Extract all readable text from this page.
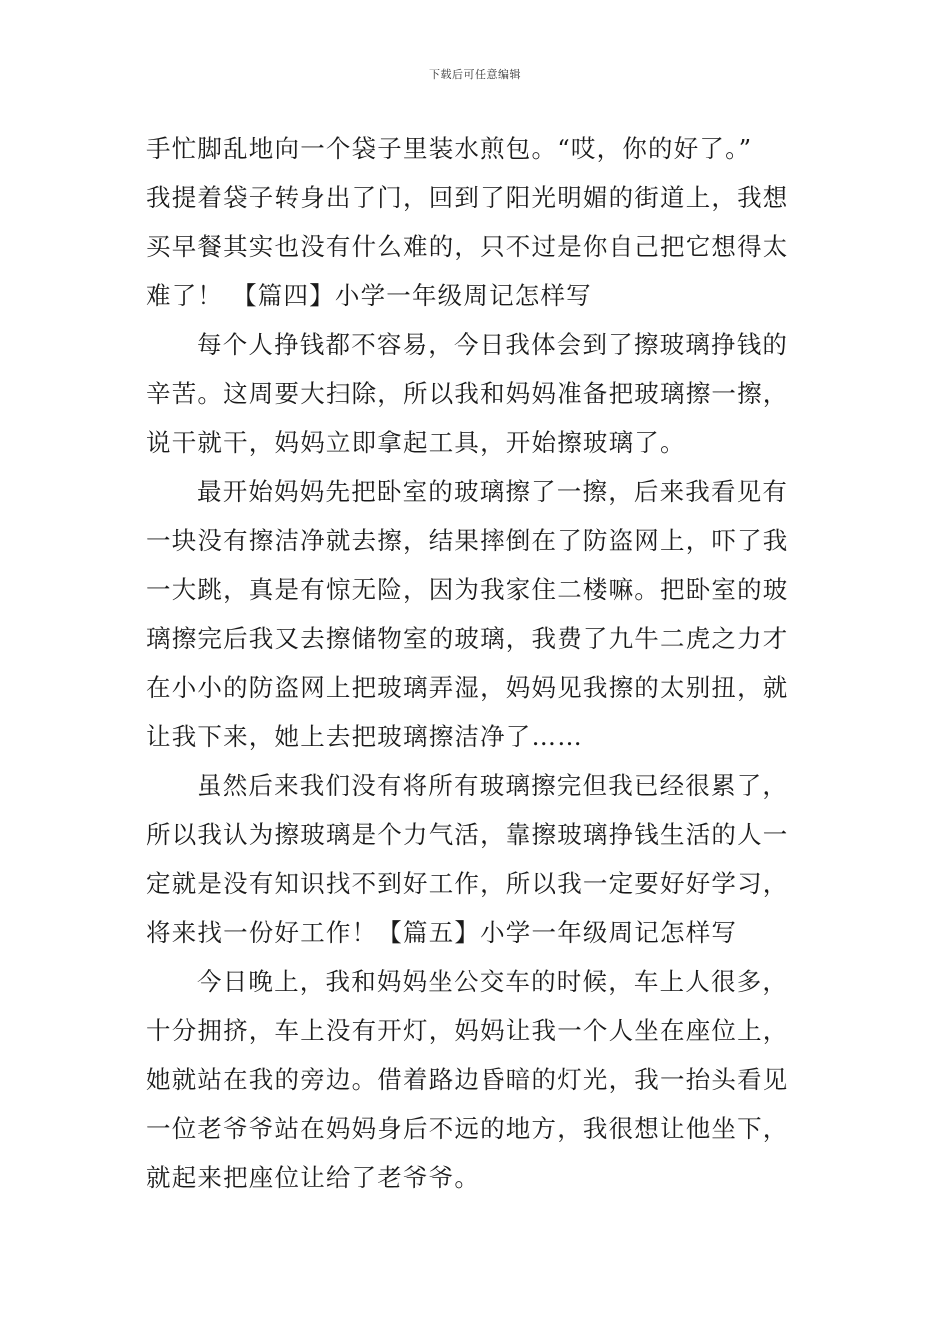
下载后可任意编辑
手忙脚乱地向一个袋子里装水煎包。“哎，你的好了。”
我提着袋子转身出了门，回到了阳光明媚的街道上，我想
买早餐其实也没有什么难的，只不过是你自己把它想得太
难了！ 【篇四】小学一年级周记怎样写
每个人挣钱都不容易，今日我体会到了擦玻璃挣钱的
辛苦。这周要大扫除，所以我和妈妈准备把玻璃擦一擦，
说干就干，妈妈立即拿起工具，开始擦玻璃了。
最开始妈妈先把卧室的玻璃擦了一擦，后来我看见有
一块没有擦洁净就去擦，结果摔倒在了防盗网上，吓了我
一大跳，真是有惊无险，因为我家住二楼嘛。把卧室的玻
璃擦完后我又去擦储物室的玻璃，我费了九牛二虎之力才
在小小的防盗网上把玻璃弄湿，妈妈见我擦的太别扭，就
让我下来，她上去把玻璃擦洁净了……
虽然后来我们没有将所有玻璃擦完但我已经很累了，
所以我认为擦玻璃是个力气活，靠擦玻璃挣钱生活的人一
定就是没有知识找不到好工作，所以我一定要好好学习，
将来找一份好工作！【篇五】小学一年级周记怎样写
今日晚上，我和妈妈坐公交车的时候，车上人很多，
十分拥挤，车上没有开灯，妈妈让我一个人坐在座位上，
她就站在我的旁边。借着路边昏暗的灯光，我一抬头看见
一位老爷爷站在妈妈身后不远的地方，我很想让他坐下，
就起来把座位让给了老爷爷。
